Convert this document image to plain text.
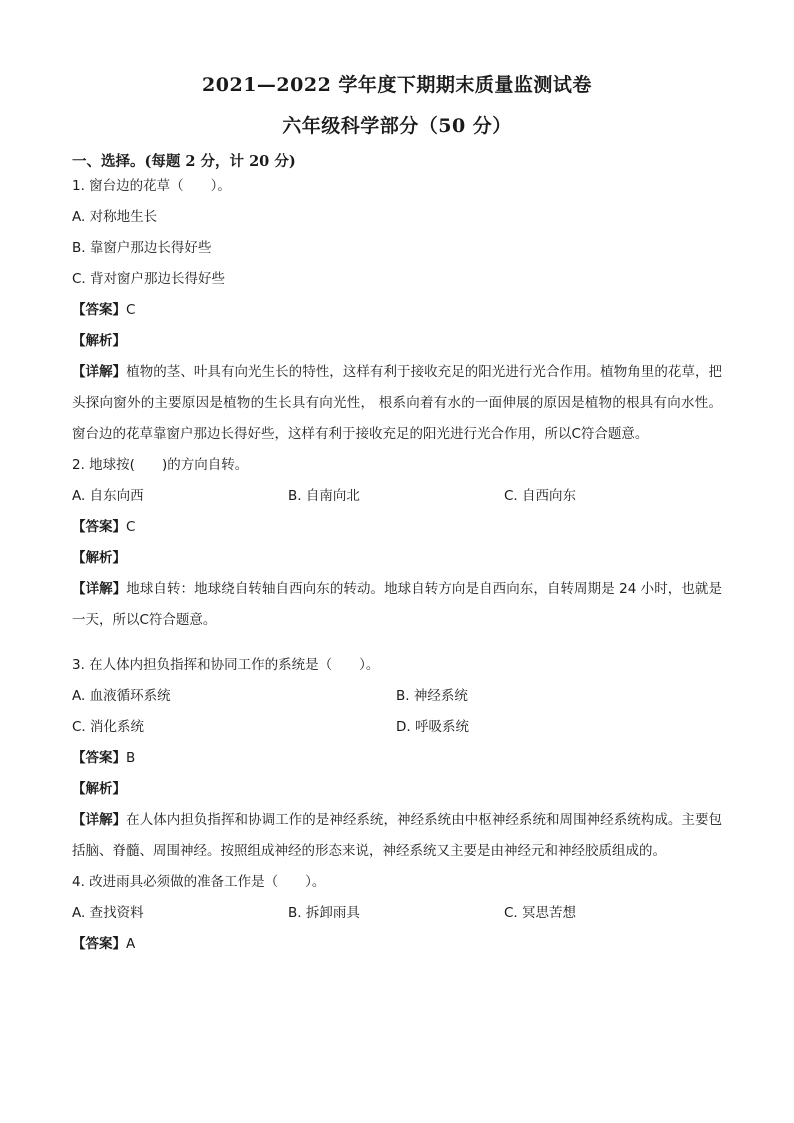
2021—2022 学年度下期期末质量监测试卷
六年级科学部分（50 分）
一、选择。(每题 2 分，计 20 分)
1. 窗台边的花草（　　）。
A. 对称地生长
B. 靠窗户那边长得好些
C. 背对窗户那边长得好些
【答案】C
【解析】
【详解】植物的茎、叶具有向光生长的特性，这样有利于接收充足的阳光进行光合作用。植物角里的花草，把头探向窗外的主要原因是植物的生长具有向光性， 根系向着有水的一面伸展的原因是植物的根具有向水性。窗台边的花草靠窗户那边长得好些，这样有利于接收充足的阳光进行光合作用，所以C符合题意。
2. 地球按(　　)的方向自转。
A. 自东向西	B. 自南向北	C. 自西向东
【答案】C
【解析】
【详解】地球自转：地球绕自转轴自西向东的转动。地球自转方向是自西向东，自转周期是 24 小时，也就是一天，所以C符合题意。
3. 在人体内担负指挥和协同工作的系统是（　　）。
A. 血液循环系统	B. 神经系统
C. 消化系统	D. 呼吸系统
【答案】B
【解析】
【详解】在人体内担负指挥和协调工作的是神经系统，神经系统由中枢神经系统和周围神经系统构成。主要包括脑、脊髓、周围神经。按照组成神经的形态来说，神经系统又主要是由神经元和神经胶质组成的。
4. 改进雨具必须做的准备工作是（　　）。
A. 查找资料	B. 拆卸雨具	C. 冥思苦想
【答案】A
